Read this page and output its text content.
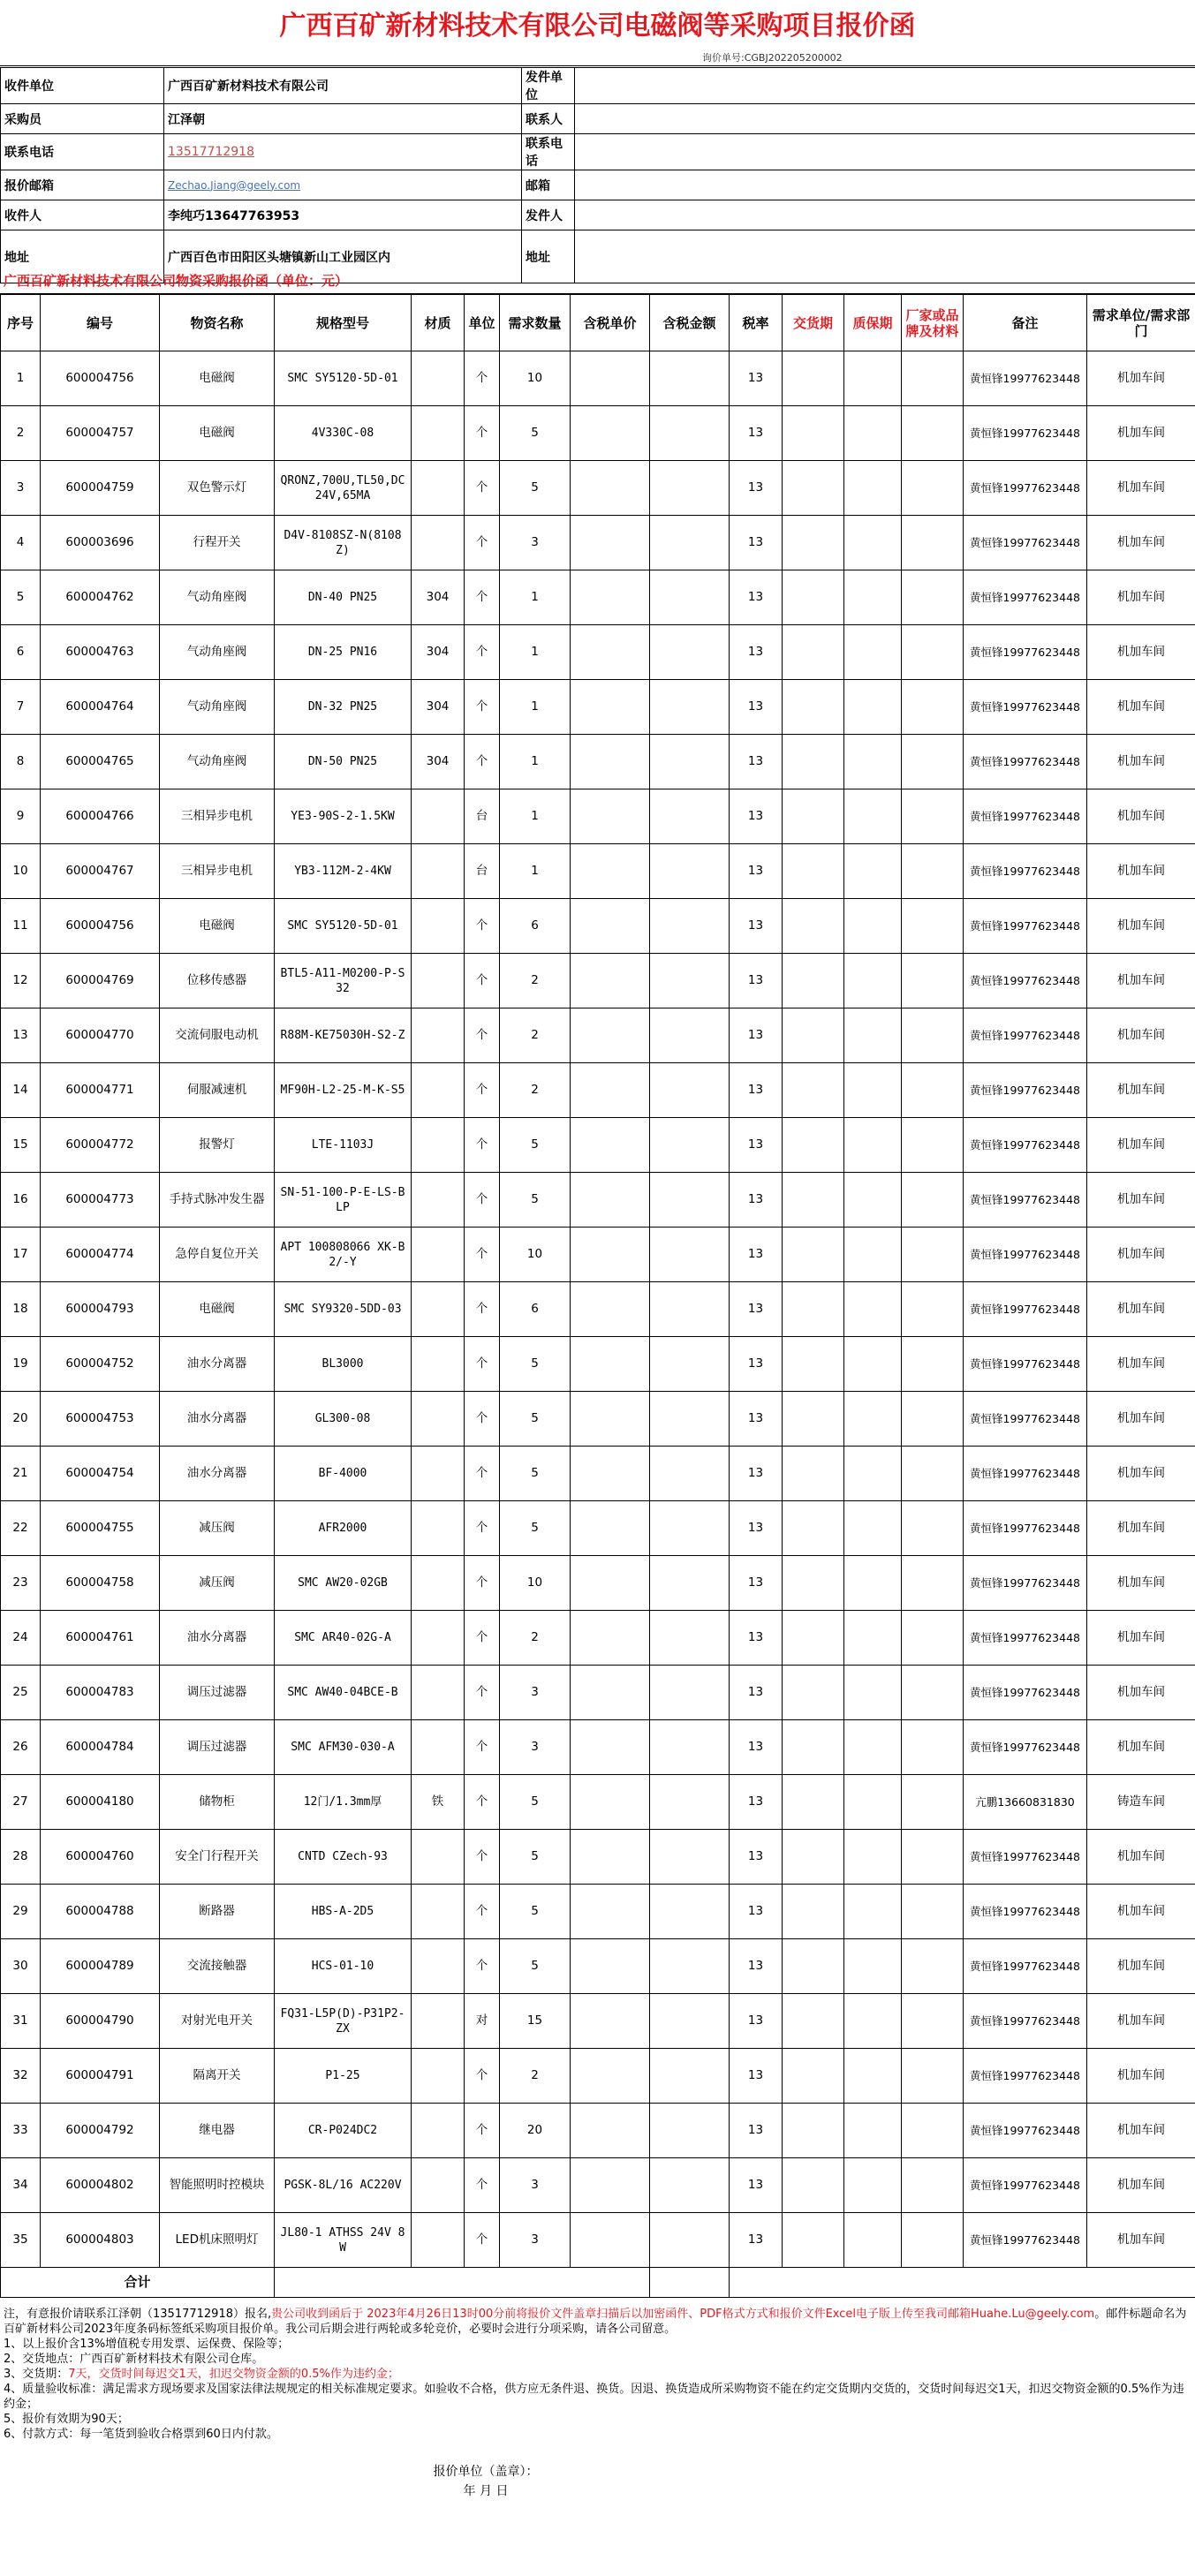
广西百矿新材料技术有限公司电磁阀等采购项目报价函
询价单号:CGBJ202205200002
收件单位	广西百矿新材料技术有限公司	发件单位	
采购员	江泽朝	联系人	
联系电话	13517712918	联系电话	
报价邮箱	Zechao.Jiang@geely.com	邮箱	
收件人	李纯巧13647763953	发件人	
地址	广西百色市田阳区头塘镇新山工业园区内	地址	
广西百矿新材料技术有限公司物资采购报价函（单位：元）
序号	编号	物资名称	规格型号	材质	单位	需求数量	含税单价	含税金额	税率	交货期	质保期	厂家或品牌及材料	备注	需求单位/需求部门
1	600004756	电磁阀	SMC SY5120-5D-01		个	10			13				黄恒锋19977623448	机加车间
2	600004757	电磁阀	4V330C-08		个	5			13				黄恒锋19977623448	机加车间
3	600004759	双色警示灯	QRONZ,700U,TL50,DC24V,65MA		个	5			13				黄恒锋19977623448	机加车间
4	600003696	行程开关	D4V-8108SZ-N(8108Z)		个	3			13				黄恒锋19977623448	机加车间
5	600004762	气动角座阀	DN-40 PN25	304	个	1			13				黄恒锋19977623448	机加车间
6	600004763	气动角座阀	DN-25 PN16	304	个	1			13				黄恒锋19977623448	机加车间
7	600004764	气动角座阀	DN-32 PN25	304	个	1			13				黄恒锋19977623448	机加车间
8	600004765	气动角座阀	DN-50 PN25	304	个	1			13				黄恒锋19977623448	机加车间
9	600004766	三相异步电机	YE3-90S-2-1.5KW		台	1			13				黄恒锋19977623448	机加车间
10	600004767	三相异步电机	YB3-112M-2-4KW		台	1			13				黄恒锋19977623448	机加车间
11	600004756	电磁阀	SMC SY5120-5D-01		个	6			13				黄恒锋19977623448	机加车间
12	600004769	位移传感器	BTL5-A11-M0200-P-S32		个	2			13				黄恒锋19977623448	机加车间
13	600004770	交流伺服电动机	R88M-KE75030H-S2-Z		个	2			13				黄恒锋19977623448	机加车间
14	600004771	伺服减速机	MF90H-L2-25-M-K-S5		个	2			13				黄恒锋19977623448	机加车间
15	600004772	报警灯	LTE-1103J		个	5			13				黄恒锋19977623448	机加车间
16	600004773	手持式脉冲发生器	SN-51-100-P-E-LS-BLP		个	5			13				黄恒锋19977623448	机加车间
17	600004774	急停自复位开关	APT 100808066 XK-B2/-Y		个	10			13				黄恒锋19977623448	机加车间
18	600004793	电磁阀	SMC SY9320-5DD-03		个	6			13				黄恒锋19977623448	机加车间
19	600004752	油水分离器	BL3000		个	5			13				黄恒锋19977623448	机加车间
20	600004753	油水分离器	GL300-08		个	5			13				黄恒锋19977623448	机加车间
21	600004754	油水分离器	BF-4000		个	5			13				黄恒锋19977623448	机加车间
22	600004755	减压阀	AFR2000		个	5			13				黄恒锋19977623448	机加车间
23	600004758	减压阀	SMC AW20-02GB		个	10			13				黄恒锋19977623448	机加车间
24	600004761	油水分离器	SMC AR40-02G-A		个	2			13				黄恒锋19977623448	机加车间
25	600004783	调压过滤器	SMC AW40-04BCE-B		个	3			13				黄恒锋19977623448	机加车间
26	600004784	调压过滤器	SMC AFM30-030-A		个	3			13				黄恒锋19977623448	机加车间
27	600004180	储物柜	12门/1.3mm厚	铁	个	5			13				亢鹏13660831830	铸造车间
28	600004760	安全门行程开关	CNTD CZech-93		个	5			13				黄恒锋19977623448	机加车间
29	600004788	断路器	HBS-A-2D5		个	5			13				黄恒锋19977623448	机加车间
30	600004789	交流接触器	HCS-01-10		个	5			13				黄恒锋19977623448	机加车间
31	600004790	对射光电开关	FQ31-L5P(D)-P31P2-ZX		对	15			13				黄恒锋19977623448	机加车间
32	600004791	隔离开关	P1-25		个	2			13				黄恒锋19977623448	机加车间
33	600004792	继电器	CR-P024DC2		个	20			13				黄恒锋19977623448	机加车间
34	600004802	智能照明时控模块	PGSK-8L/16 AC220V		个	3			13				黄恒锋19977623448	机加车间
35	600004803	LED机床照明灯	JL80-1 ATHSS 24V 8W		个	3			13				黄恒锋19977623448	机加车间
合计														

注，有意报价请联系江泽朝（13517712918）报名,贵公司收到函后于 2023年4月26日13时00分前将报价文件盖章扫描后以加密函件、PDF格式方式和报价文件Excel电子版上传至我司邮箱Huahe.Lu@geely.com。邮件标题命名为百矿新材料公司2023年度条码标签纸采购项目报价单。我公司后期会进行两轮或多轮竞价，必要时会进行分项采购，请各公司留意。

1、以上报价含13%增值税专用发票、运保费、保险等；

2、交货地点：广西百矿新材料技术有限公司仓库。

3、交货期：7天，交货时间每迟交1天，扣迟交物资金额的0.5%作为违约金；

4、质量验收标准：满足需求方现场要求及国家法律法规规定的相关标准规定要求。如验收不合格，供方应无条件退、换货。因退、换货造成所采购物资不能在约定交货期内交货的，交货时间每迟交1天，扣迟交物资金额的0.5%作为违约金；

5、报价有效期为90天；

6、付款方式：每一笔货到验收合格票到60日内付款。

报价单位（盖章）：
年 月 日
